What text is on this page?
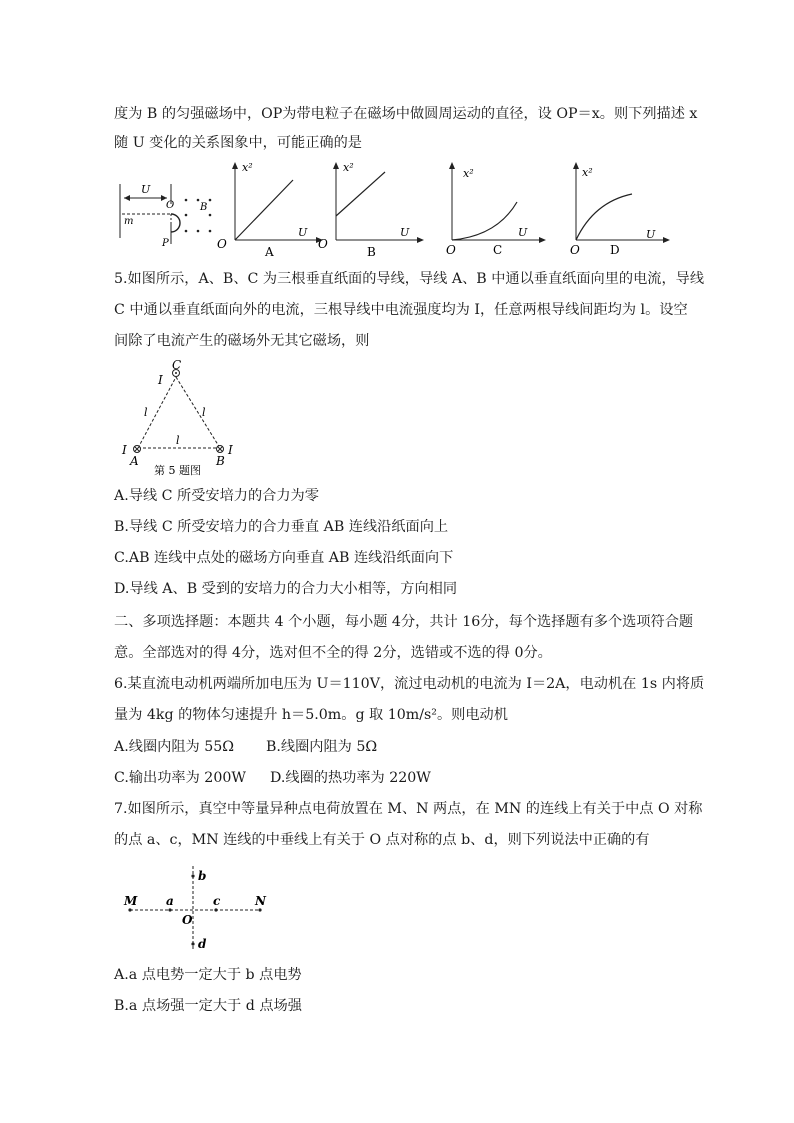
度为 B 的匀强磁场中，OP为带电粒子在磁场中做圆周运动的直径，设 OP＝x。则下列描述 x
随 U 变化的关系图象中，可能正确的是
U
O
m
P
B
x²
U
O
A
x²
U
O
B
x²
U
O	C
x²
U
O	D
5.如图所示，A、B、C 为三根垂直纸面的导线，导线 A、B 中通以垂直纸面向里的电流，导线
C 中通以垂直纸面向外的电流，三根导线中电流强度均为 I，任意两根导线间距均为 l。设空
间除了电流产生的磁场外无其它磁场，则
C
I
l	l
l
I	I
A	B
第 5 题图
A.导线 C 所受安培力的合力为零
B.导线 C 所受安培力的合力垂直 AB 连线沿纸面向上
C.AB 连线中点处的磁场方向垂直 AB 连线沿纸面向下
D.导线 A、B 受到的安培力的合力大小相等，方向相同
二、多项选择题：本题共 4 个小题，每小题 4分，共计 16分，每个选择题有多个选项符合题
意。全部选对的得 4分，选对但不全的得 2分，选错或不选的得 0分。
6.某直流电动机两端所加电压为 U＝110V，流过电动机的电流为 I＝2A，电动机在 1s 内将质
量为 4kg 的物体匀速提升 h＝5.0m。g 取 10m/s²。则电动机
A.线圈内阻为 55Ω B.线圈内阻为 5Ω
C.输出功率为 200W D.线圈的热功率为 220W
7.如图所示，真空中等量异种点电荷放置在 M、N 两点，在 MN 的连线上有关于中点 O 对称
的点 a、c，MN 连线的中垂线上有关于 O 点对称的点 b、d，则下列说法中正确的有
M a
O
c	N
b
d
A.a 点电势一定大于 b 点电势
B.a 点场强一定大于 d 点场强
